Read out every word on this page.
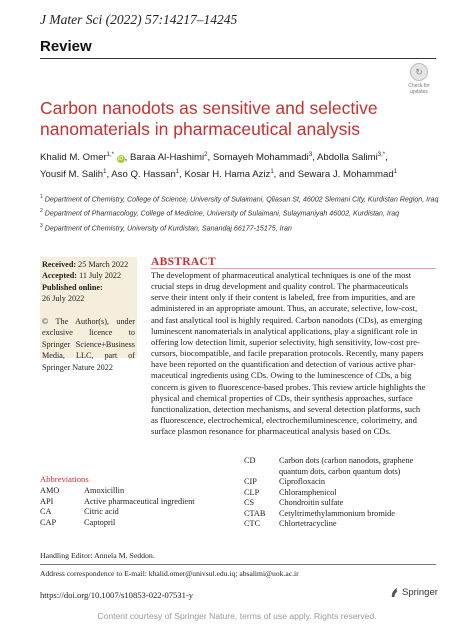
J Mater Sci (2022) 57:14217–14245
Review
↻
Check for
updates
Carbon nanodots as sensitive and selective
nanomaterials in pharmaceutical analysis
Khalid M. Omer$^{1,*}$ iD, Baraa Al-Hashimi$^2$, Somayeh Mohammadi$^3$, Abdolla Salimi$^{3,*}$,
Yousif M. Salih$^1$, Aso Q. Hassan$^1$, Kosar H. Hama Aziz$^1$, and Sewara J. Mohammad$^1$
$^1$ Department of Chemistry, College of Science, University of Sulaimani, Qliasan St, 46002 Slemani City, Kurdistan Region, Iraq
$^2$ Department of Pharmacology, College of Medicine, University of Sulaimani, Sulaymaniyah 46002, Kurdistan, Iraq
$^3$ Department of Chemistry, University of Kurdistan, Sanandaj 66177-15175, Iran
Received: 25 March 2022
Accepted: 11 July 2022
Published online:
26 July 2022
© The Author(s), under exclusive licence to Springer Science+Business Media, LLC, part of Springer Nature 2022
ABSTRACT
The development of pharmaceutical analytical techniques is one of the most
crucial steps in drug development and quality control. The pharmaceuticals
serve their intent only if their content is labeled, free from impurities, and are
administered in an appropriate amount. Thus, an accurate, selective, low-cost,
and fast analytical tool is highly required. Carbon nanodots (CDs), as emerging
luminescent nanomaterials in analytical applications, play a significant role in
offering low detection limit, superior selectivity, high sensitivity, low-cost pre-
cursors, biocompatible, and facile preparation protocols. Recently, many papers
have been reported on the quantification and detection of various active phar-
maceutical ingredients using CDs. Owing to the luminescence of CDs, a big
concern is given to fluorescence-based probes. This review article highlights the
physical and chemical properties of CDs, their synthesis approaches, surface
functionalization, detection mechanisms, and several detection platforms, such
as fluorescence, electrochemical, electrochemiluminescence, colorimetry, and
surface plasmon resonance for pharmaceutical analysis based on CDs.
Abbreviations
AMO	Amoxicillin
API	Active pharmaceutical ingredient
CA	Citric acid
CAP	Captopril
CD	Carbon dots (carbon nanodots, graphene quantum dots, carbon quantum dots)
CIP	Ciprofloxacin
CLP	Chloramphenicol
CS	Chondroitin sulfate
CTAB	Cetyltrimethylammonium bromide
CTC	Chlortetracycline
Handling Editor: Annela M. Seddon.
Address correspondence to E-mail: khalid.omer@univsul.edu.iq; absalimi@uok.ac.ir
https://doi.org/10.1007/s10853-022-07531-y	Springer
Content courtesy of Springer Nature, terms of use apply. Rights reserved.
